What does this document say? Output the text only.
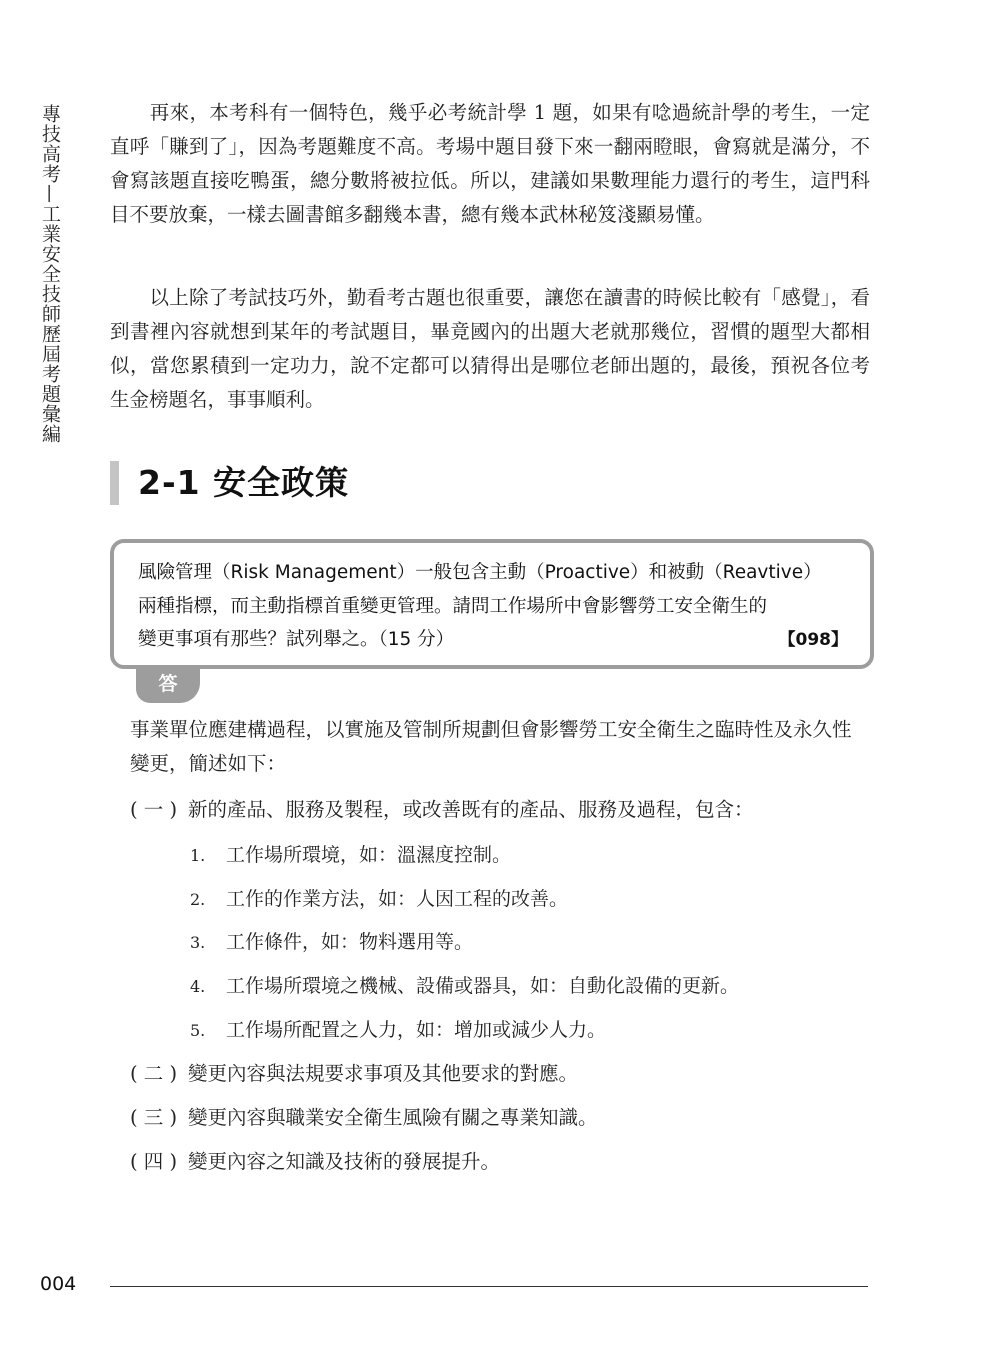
專技高考—工業安全技師歷屆考題彙編	　　再來，本考科有一個特色，幾乎必考統計學 1 題，如果有唸過統計學的考生，一定直呼「賺到了」，因為考題難度不高。考場中題目發下來一翻兩瞪眼，會寫就是滿分，不會寫該題直接吃鴨蛋，總分數將被拉低。所以，建議如果數理能力還行的考生，這門科目不要放棄，一樣去圖書館多翻幾本書，總有幾本武林秘笈淺顯易懂。

　　以上除了考試技巧外，勤看考古題也很重要，讓您在讀書的時候比較有「感覺」，看到書裡內容就想到某年的考試題目，畢竟國內的出題大老就那幾位，習慣的題型大都相似，當您累積到一定功力，說不定都可以猜得出是哪位老師出題的，最後，預祝各位考生金榜題名，事事順利。

2-1 安全政策
風險管理（Risk Management）一般包含主動（Proactive）和被動（Reavtive）
兩種指標，而主動指標首重變更管理。請問工作場所中會影響勞工安全衛生的
變更事項有那些？試列舉之。（15 分）	【098】
答

事業單位應建構過程，以實施及管制所規劃但會影響勞工安全衛生之臨時性及永久性變更，簡述如下：

( 一 ) 新的產品、服務及製程，或改善既有的產品、服務及過程，包含：
1. 工作場所環境，如：溫濕度控制。
2. 工作的作業方法，如：人因工程的改善。
3. 工作條件，如：物料選用等。
4. 工作場所環境之機械、設備或器具，如：自動化設備的更新。
5. 工作場所配置之人力，如：增加或減少人力。
( 二 ) 變更內容與法規要求事項及其他要求的對應。
( 三 ) 變更內容與職業安全衛生風險有關之專業知識。
( 四 ) 變更內容之知識及技術的發展提升。
004
